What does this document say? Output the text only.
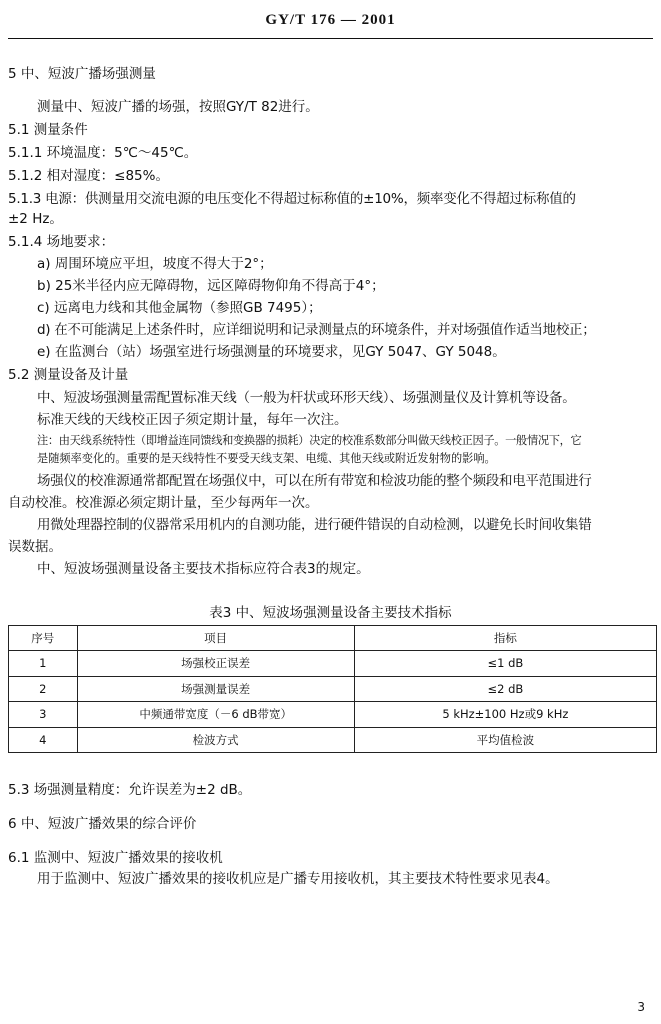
GY/T 176 — 2001
5 中、短波广播场强测量
测量中、短波广播的场强，按照GY/T 82进行。
5.1 测量条件
5.1.1 环境温度：5℃～45℃。
5.1.2 相对湿度：≤85%。
5.1.3 电源：供测量用交流电源的电压变化不得超过标称值的±10%，频率变化不得超过标称值的
±2 Hz。
5.1.4 场地要求：
a) 周围环境应平坦，坡度不得大于2°；
b) 25米半径内应无障碍物，远区障碍物仰角不得高于4°；
c) 远离电力线和其他金属物（参照GB 7495）；
d) 在不可能满足上述条件时，应详细说明和记录测量点的环境条件，并对场强值作适当地校正；
e) 在监测台（站）场强室进行场强测量的环境要求，见GY 5047、GY 5048。
5.2 测量设备及计量
中、短波场强测量需配置标准天线（一般为杆状或环形天线）、场强测量仪及计算机等设备。
标准天线的天线校正因子须定期计量，每年一次注。
注：由天线系统特性（即增益连同馈线和变换器的损耗）决定的校准系数部分叫做天线校正因子。一般情况下，它
是随频率变化的。重要的是天线特性不要受天线支架、电缆、其他天线或附近发射物的影响。
场强仪的校准源通常都配置在场强仪中，可以在所有带宽和检波功能的整个频段和电平范围进行
自动校准。校准源必须定期计量，至少每两年一次。
用微处理器控制的仪器常采用机内的自测功能，进行硬件错误的自动检测，以避免长时间收集错
误数据。
中、短波场强测量设备主要技术指标应符合表3的规定。
表3 中、短波场强测量设备主要技术指标
序号	项目	指标
1	场强校正误差	≤1 dB
2	场强测量误差	≤2 dB
3	中频通带宽度（－6 dB带宽）	5 kHz±100 Hz或9 kHz
4	检波方式	平均值检波
5.3 场强测量精度：允许误差为±2 dB。
6 中、短波广播效果的综合评价
6.1 监测中、短波广播效果的接收机
用于监测中、短波广播效果的接收机应是广播专用接收机，其主要技术特性要求见表4。
3
